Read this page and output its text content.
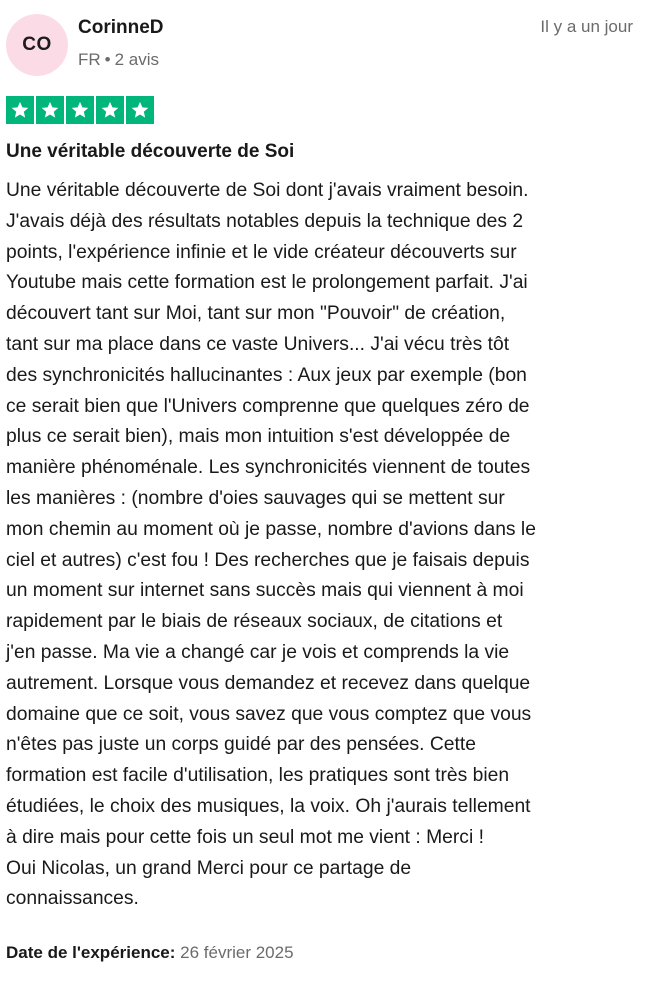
CO
CorinneD
FR • 2 avis
Il y a un jour
Une véritable découverte de Soi

Une véritable découverte de Soi dont j'avais vraiment besoin.
J'avais déjà des résultats notables depuis la technique des 2
points, l'expérience infinie et le vide créateur découverts sur
Youtube mais cette formation est le prolongement parfait. J'ai
découvert tant sur Moi, tant sur mon "Pouvoir" de création,
tant sur ma place dans ce vaste Univers... J'ai vécu très tôt
des synchronicités hallucinantes : Aux jeux par exemple (bon
ce serait bien que l'Univers comprenne que quelques zéro de
plus ce serait bien), mais mon intuition s'est développée de
manière phénoménale. Les synchronicités viennent de toutes
les manières : (nombre d'oies sauvages qui se mettent sur
mon chemin au moment où je passe, nombre d'avions dans le
ciel et autres) c'est fou ! Des recherches que je faisais depuis
un moment sur internet sans succès mais qui viennent à moi
rapidement par le biais de réseaux sociaux, de citations et
j'en passe. Ma vie a changé car je vois et comprends la vie
autrement. Lorsque vous demandez et recevez dans quelque
domaine que ce soit, vous savez que vous comptez que vous
n'êtes pas juste un corps guidé par des pensées. Cette
formation est facile d'utilisation, les pratiques sont très bien
étudiées, le choix des musiques, la voix. Oh j'aurais tellement
à dire mais pour cette fois un seul mot me vient : Merci !
Oui Nicolas, un grand Merci pour ce partage de
connaissances.

Date de l'expérience: 26 février 2025
